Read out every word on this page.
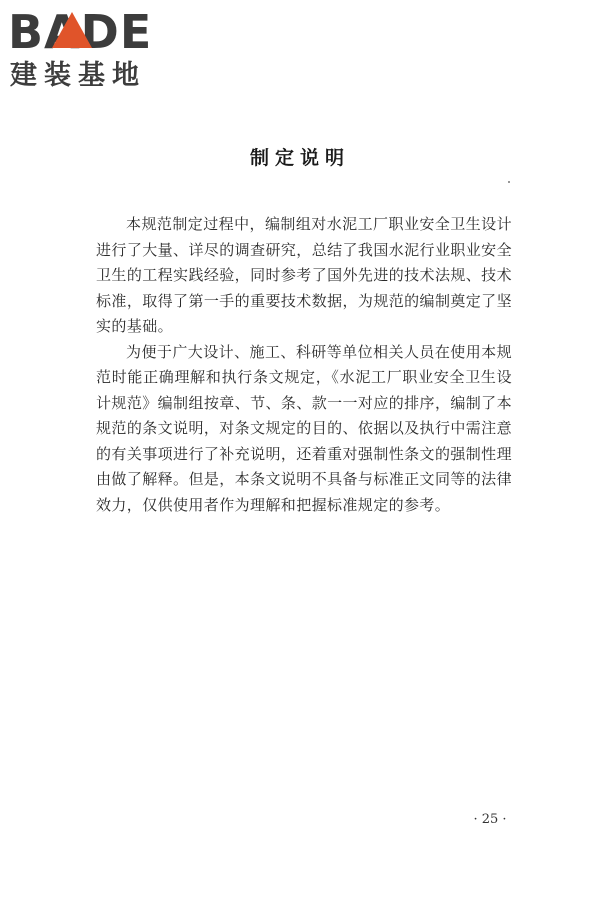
BADE
建装基地
制定说明

本规范制定过程中，编制组对水泥工厂职业安全卫生设计进行了大量、详尽的调查研究，总结了我国水泥行业职业安全卫生的工程实践经验，同时参考了国外先进的技术法规、技术标准，取得了第一手的重要技术数据，为规范的编制奠定了坚实的基础。

为便于广大设计、施工、科研等单位相关人员在使用本规范时能正确理解和执行条文规定，《水泥工厂职业安全卫生设计规范》编制组按章、节、条、款一一对应的排序，编制了本规范的条文说明，对条文规定的目的、依据以及执行中需注意的有关事项进行了补充说明，还着重对强制性条文的强制性理由做了解释。但是，本条文说明不具备与标准正文同等的法律效力，仅供使用者作为理解和把握标准规定的参考。

· 25 ·
